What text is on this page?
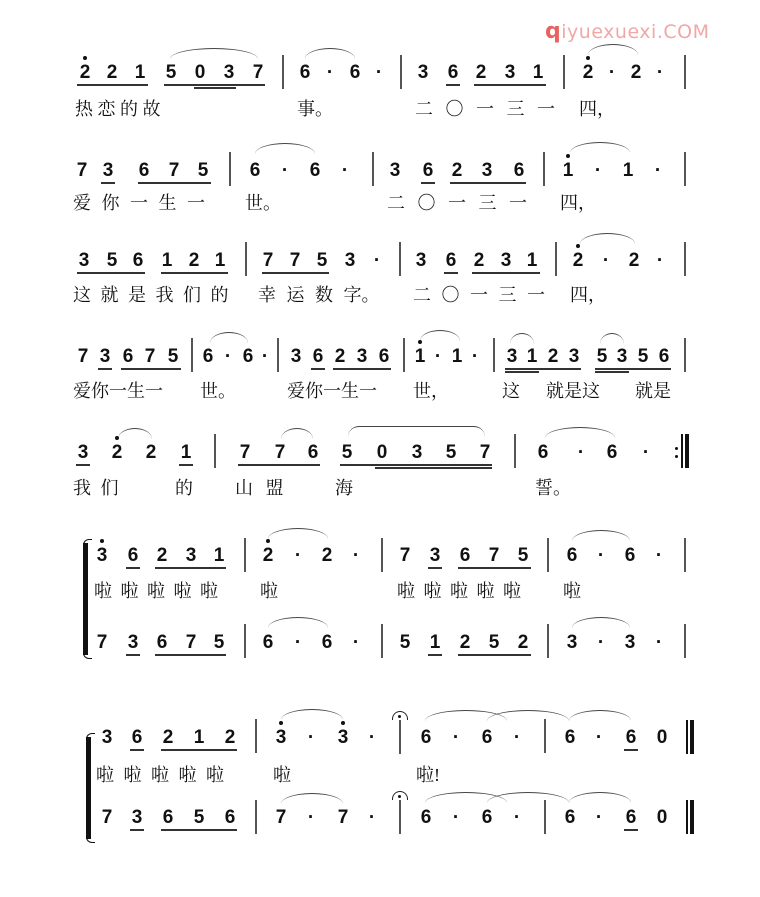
qiyuexuexi.COM
2 2 1 5 0 3 7 6 · 6 · 3 6 2 3 1 2 · 2 ·
热 恋 的 故	事。	二 〇 一 三 一 四，
7 3 6 7 5 6 · 6 · 3 6 2 3 6 1 · 1 ·
爱 你 一 生 一 世。	二 〇 一 三 一 四，
3 5 6 1 2 1 7 7 5 3 · 3 6 2 3 1 2 · 2 ·
这 就 是 我 们 的 幸 运 数 字。 二 〇 一 三 一 四，
7 3 6 7 5 6 · 6 · 3 6 2 3 6 1 · 1 · 3 1 2 3 5 3 5 6
爱你一生一 世。	爱你一生一 世，	这 就是这 就是
3 2 2 1	7 7 6 5 0 3 5 7 6 · 6 ·
我 们	的 山 盟	海	誓。
3 6 2 3 1 2 · 2 · 7 3 6 7 5 6 · 6 ·
啦 啦 啦 啦 啦 啦	啦 啦 啦 啦 啦 啦
7 3 6 7 5 6 · 6 · 5 1 2 5 2 3 · 3 ·
3 6 2 1 2 3 · 3 · 6 · 6 · 6 · 6 0
啦 啦 啦 啦 啦	啦	啦!
7 3 6 5 6 7 · 7 · 6 · 6 · 6 · 6 0
